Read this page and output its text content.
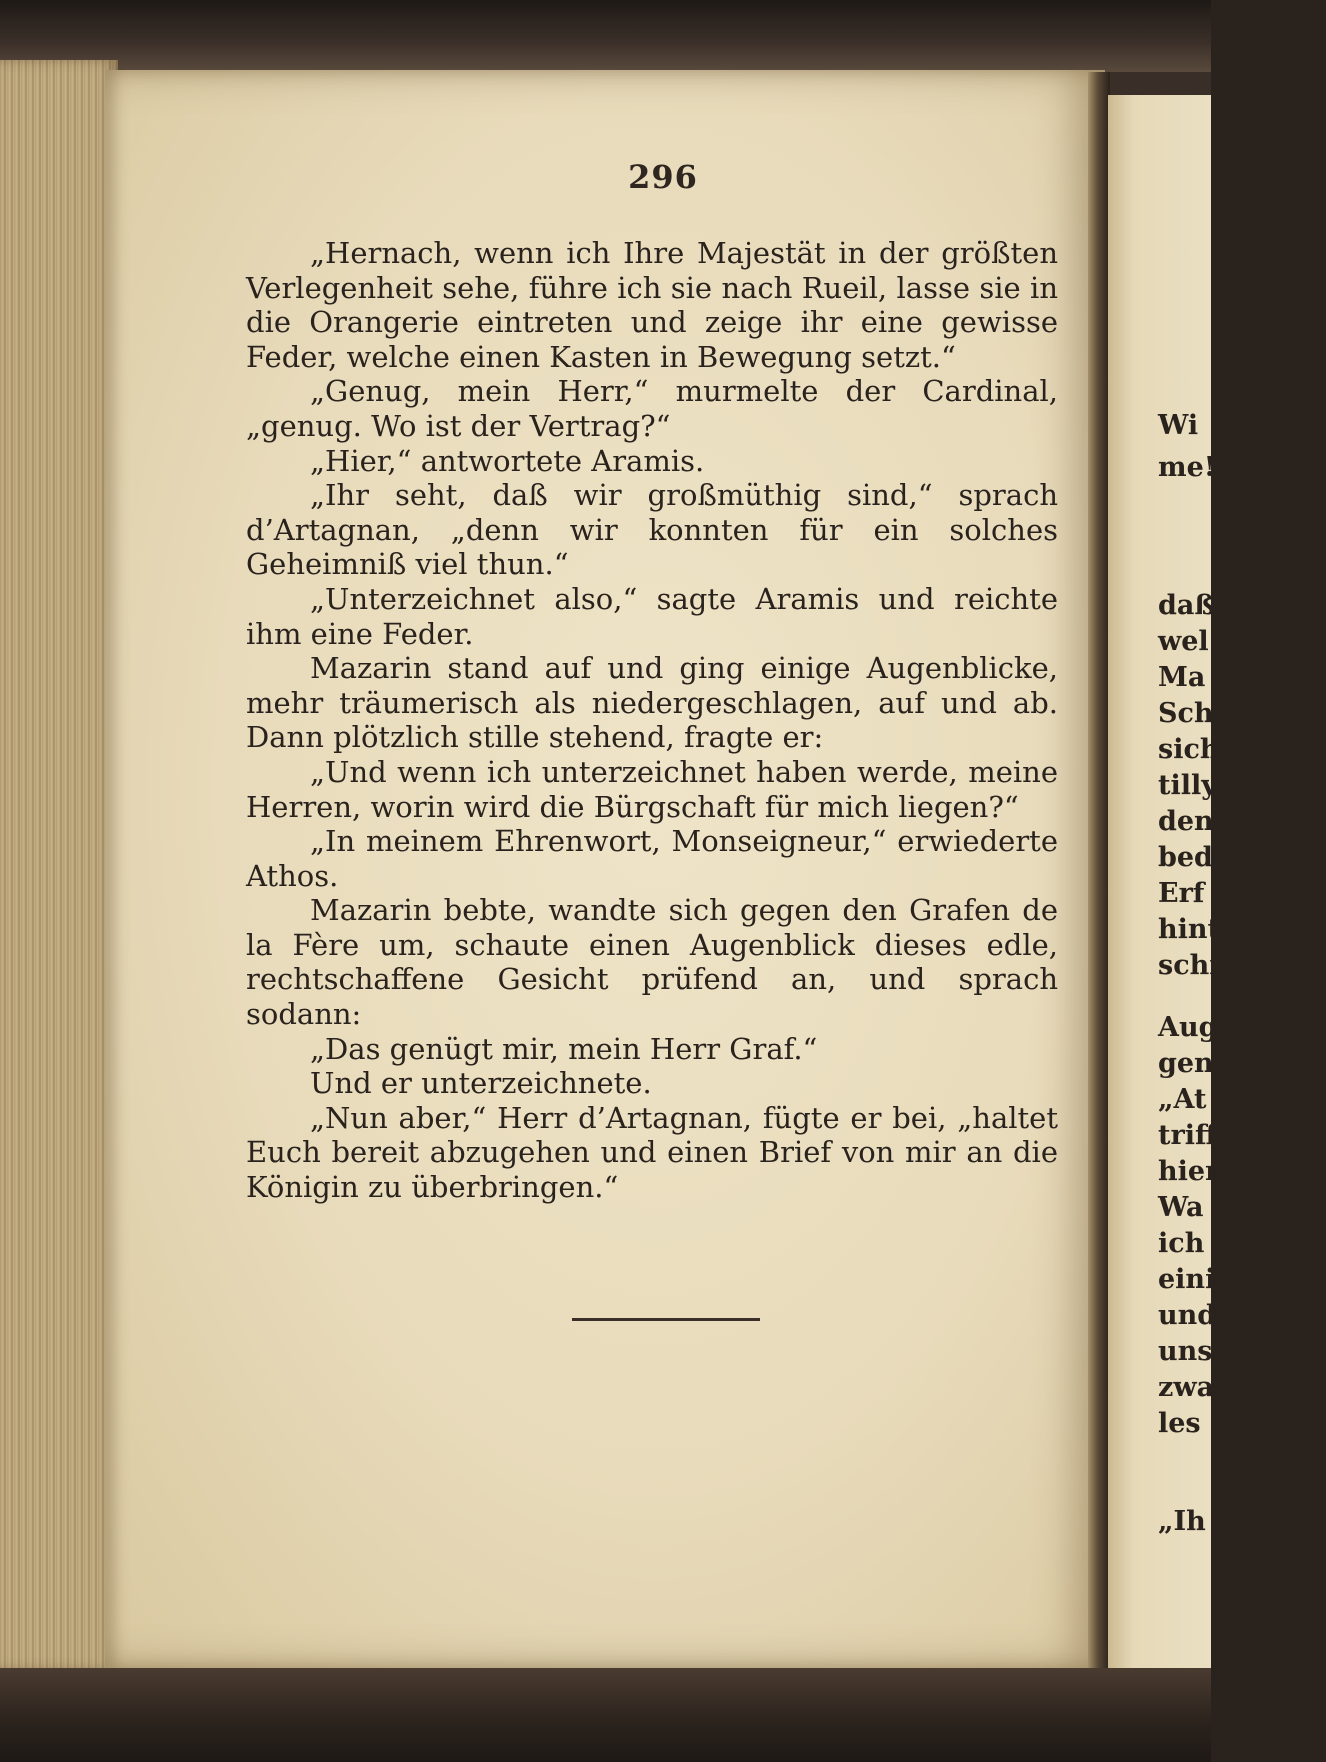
296

„Hernach, wenn ich Ihre Majestät in der größten Verlegenheit sehe, führe ich sie nach Rueil, lasse sie in die Orangerie eintreten und zeige ihr eine gewisse Feder, welche einen Kasten in Bewegung setzt.“

„Genug, mein Herr,“ murmelte der Cardinal, „genug. Wo ist der Vertrag?“

„Hier,“ antwortete Aramis.

„Ihr seht, daß wir großmüthig sind,“ sprach d’Artagnan, „denn wir konnten für ein solches Geheimniß viel thun.“

„Unterzeichnet also,“ sagte Aramis und reichte ihm eine Feder.

Mazarin stand auf und ging einige Augenblicke, mehr träumerisch als niedergeschlagen, auf und ab. Dann plötzlich stille stehend, fragte er:

„Und wenn ich unterzeichnet haben werde, meine Herren, worin wird die Bürgschaft für mich liegen?“

„In meinem Ehrenwort, Monseigneur,“ erwiederte Athos.

Mazarin bebte, wandte sich gegen den Grafen de la Fère um, schaute einen Augenblick dieses edle, rechtschaffene Gesicht prüfend an, und sprach sodann:

„Das genügt mir, mein Herr Graf.“

Und er unterzeichnete.

„Nun aber,“ Herr d’Artagnan, fügte er bei, „haltet Euch bereit abzugehen und einen Brief von mir an die Königin zu überbringen.“

Wi
me!
daß
wel
Ma
Sch
siche
tilly
den
bed
Erf
hint
schi
Aug
gen
„At
triff
hier
Wa
ich
eini
und
unse
zwa
les
„Ih
